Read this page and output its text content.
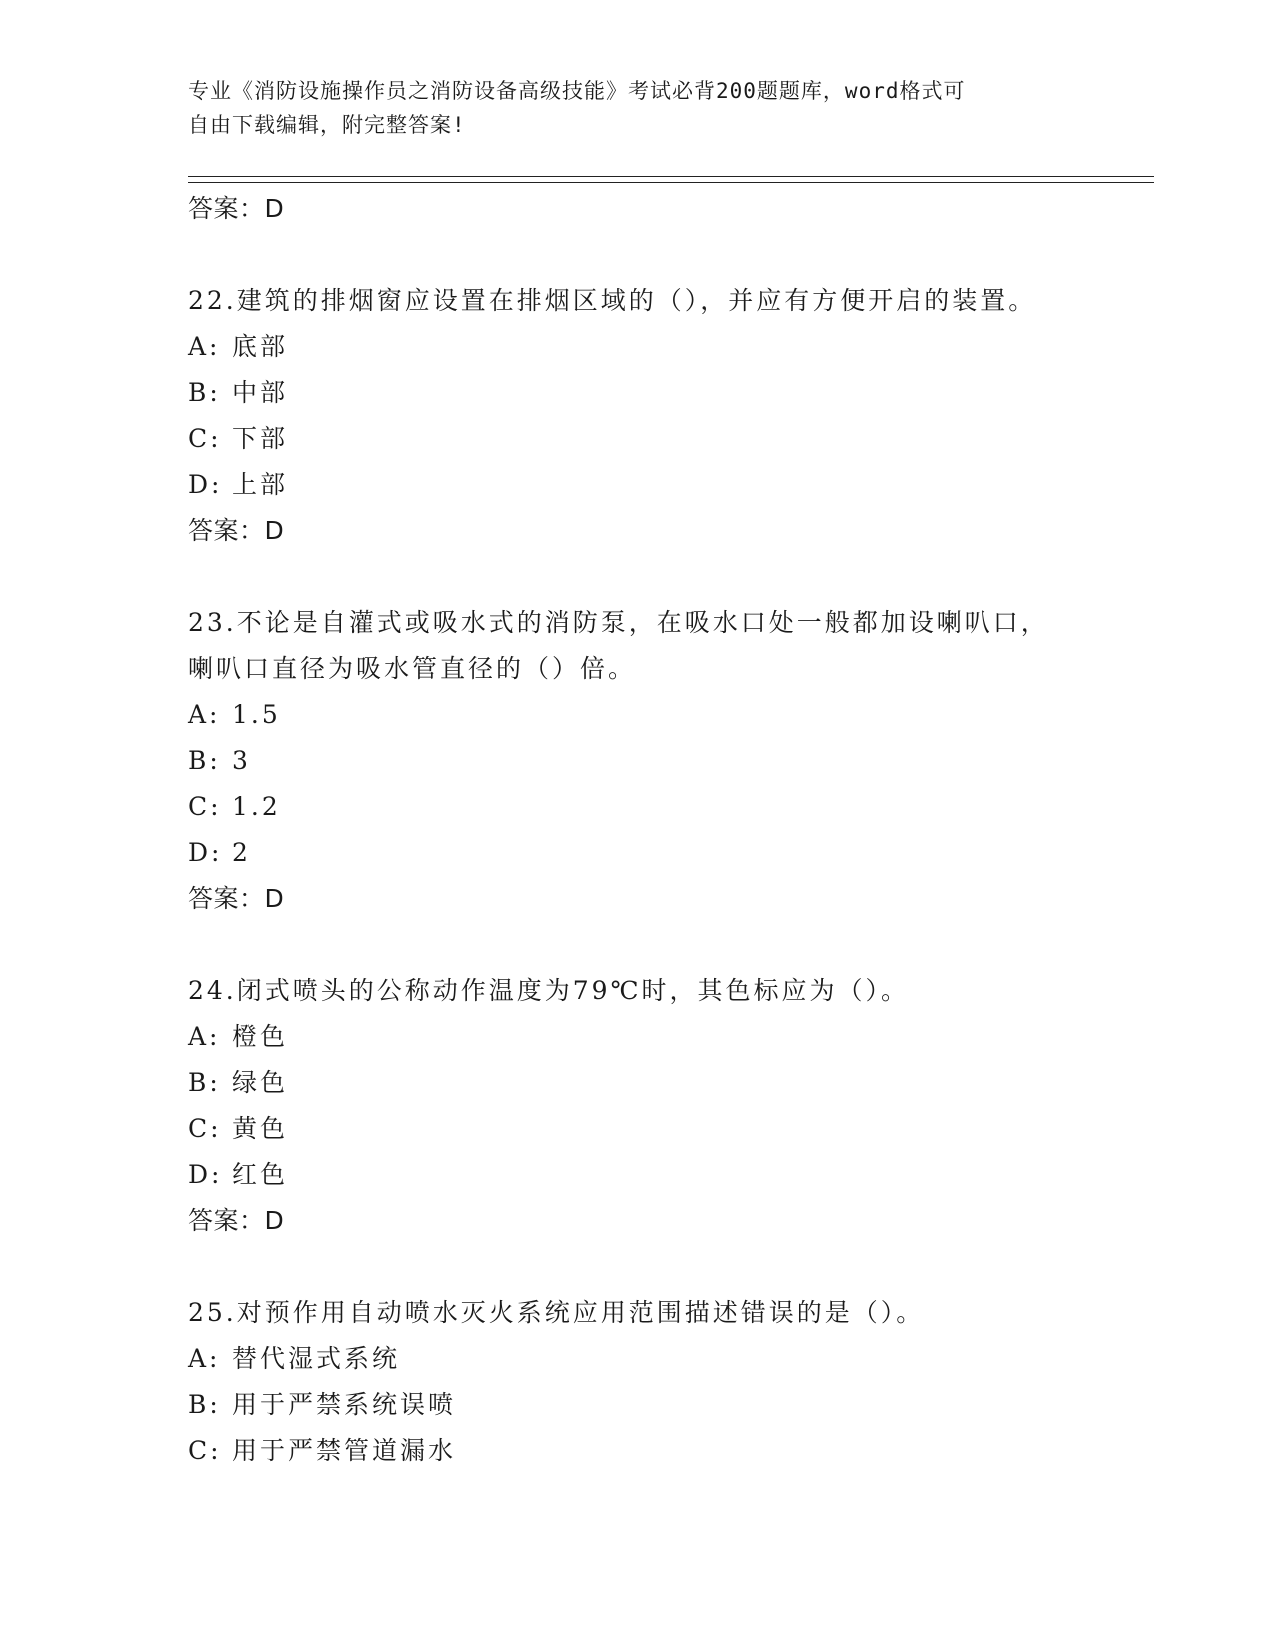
专业《消防设施操作员之消防设备高级技能》考试必背200题题库，word格式可
自由下载编辑，附完整答案!
答案：D
22.建筑的排烟窗应设置在排烟区域的（），并应有方便开启的装置。
A: 底部
B: 中部
C: 下部
D: 上部
答案：D
23.不论是自灌式或吸水式的消防泵，在吸水口处一般都加设喇叭口，
喇叭口直径为吸水管直径的（）倍。
A: 1.5
B: 3
C: 1.2
D: 2
答案：D
24.闭式喷头的公称动作温度为79℃时，其色标应为（）。
A: 橙色
B: 绿色
C: 黄色
D: 红色
答案：D
25.对预作用自动喷水灭火系统应用范围描述错误的是（）。
A: 替代湿式系统
B: 用于严禁系统误喷
C: 用于严禁管道漏水
